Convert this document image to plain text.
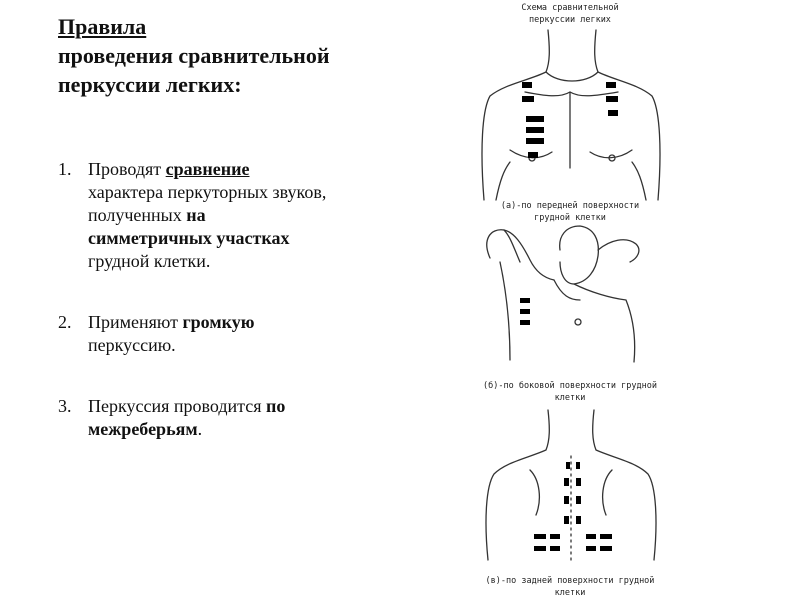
Правила
проведения сравнительной перкуссии легких:
1. Проводят сравнение характера перкуторных звуков, полученных на симметричных участках грудной клетки.
2. Применяют громкую перкуссию.
3. Перкуссия проводится по межреберьям.
Схема сравнительной
перкуссии легких
(а)-по передней поверхности
грудной клетки
(б)-по боковой поверхности грудной
клетки
(в)-по задней поверхности грудной
клетки
